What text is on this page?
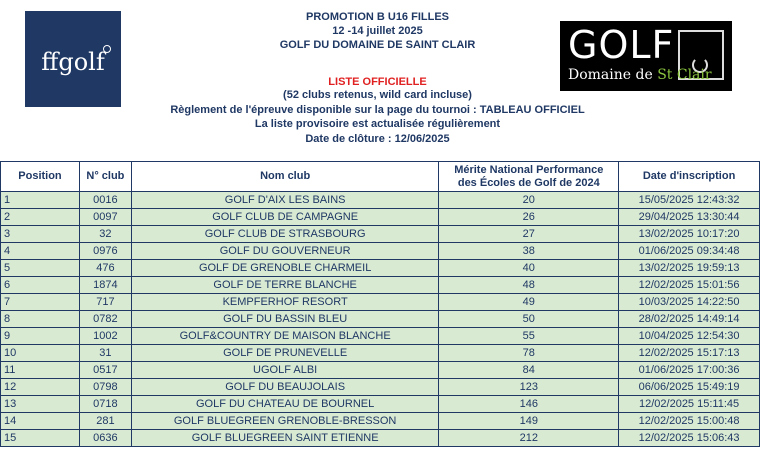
ffgolf	GOLF
Domaine de St Clair
PROMOTION B U16 FILLES
12 -14 juillet 2025
GOLF DU DOMAINE DE SAINT CLAIR
LISTE OFFICIELLE
(52 clubs retenus, wild card incluse)
Règlement de l'épreuve disponible sur la page du tournoi : TABLEAU OFFICIEL
La liste provisoire est actualisée régulièrement
Date de clôture : 12/06/2025
Position	N° club	Nom club	Mérite National Performance
des Écoles de Golf de 2024	Date d'inscription
1	0016	GOLF D'AIX LES BAINS	20	15/05/2025 12:43:32
2	0097	GOLF CLUB DE CAMPAGNE	26	29/04/2025 13:30:44
3	32	GOLF CLUB DE STRASBOURG	27	13/02/2025 10:17:20
4	0976	GOLF DU GOUVERNEUR	38	01/06/2025 09:34:48
5	476	GOLF DE GRENOBLE CHARMEIL	40	13/02/2025 19:59:13
6	1874	GOLF DE TERRE BLANCHE	48	12/02/2025 15:01:56
7	717	KEMPFERHOF RESORT	49	10/03/2025 14:22:50
8	0782	GOLF DU BASSIN BLEU	50	28/02/2025 14:49:14
9	1002	GOLF&COUNTRY DE MAISON BLANCHE	55	10/04/2025 12:54:30
10	31	GOLF DE PRUNEVELLE	78	12/02/2025 15:17:13
11	0517	UGOLF ALBI	84	01/06/2025 17:00:36
12	0798	GOLF DU BEAUJOLAIS	123	06/06/2025 15:49:19
13	0718	GOLF DU CHATEAU DE BOURNEL	146	12/02/2025 15:11:45
14	281	GOLF BLUEGREEN GRENOBLE-BRESSON	149	12/02/2025 15:00:48
15	0636	GOLF BLUEGREEN SAINT ETIENNE	212	12/02/2025 15:06:43
